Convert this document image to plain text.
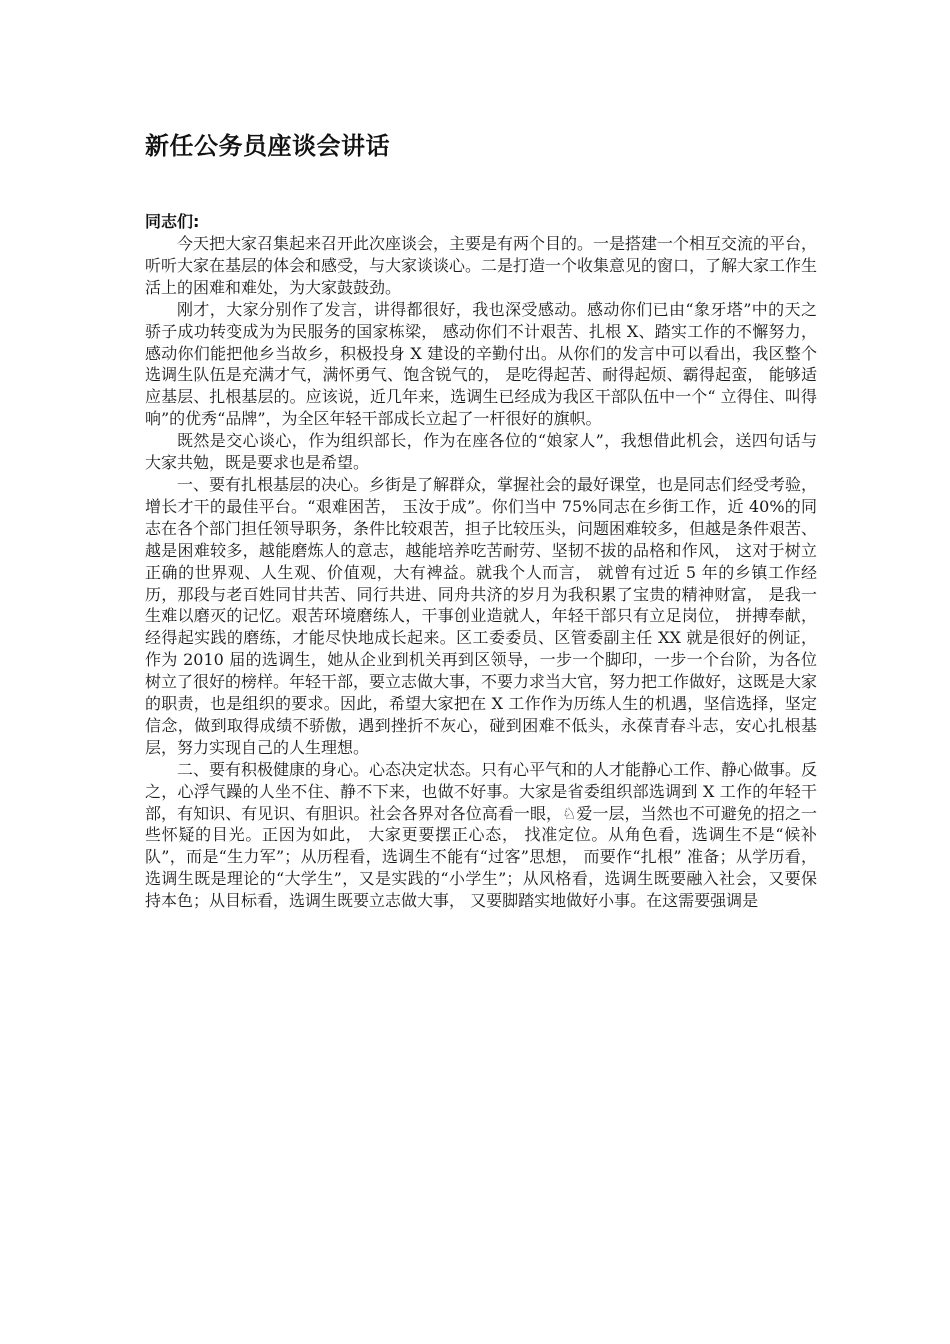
新任公务员座谈会讲话
同志们:

今天把大家召集起来召开此次座谈会，主要是有两个目的。一是搭建一个相互交流的平台， 听听大家在基层的体会和感受，与大家谈谈心。二是打造一个收集意见的窗口，了解大家工作生活上的困难和难处，为大家鼓鼓劲。

刚才，大家分别作了发言，讲得都很好，我也深受感动。感动你们已由“象牙塔”中的天之骄子成功转变成为为民服务的国家栋梁， 感动你们不计艰苦、扎根 X、踏实工作的不懈努力，感动你们能把他乡当故乡，积极投身 X 建设的辛勤付出。从你们的发言中可以看出，我区整个选调生队伍是充满才气，满怀勇气、饱含锐气的， 是吃得起苦、耐得起烦、霸得起蛮， 能够适应基层、扎根基层的。应该说，近几年来，选调生已经成为我区干部队伍中一个“ 立得住、叫得响”的优秀“品牌”，为全区年轻干部成长立起了一杆很好的旗帜。

既然是交心谈心，作为组织部长，作为在座各位的“娘家人”，我想借此机会，送四句话与大家共勉，既是要求也是希望。

一、要有扎根基层的决心。乡街是了解群众，掌握社会的最好课堂，也是同志们经受考验， 增长才干的最佳平台。“艰难困苦， 玉汝于成”。你们当中 75%同志在乡街工作，近 40%的同志在各个部门担任领导职务，条件比较艰苦，担子比较压头，问题困难较多，但越是条件艰苦、越是困难较多，越能磨炼人的意志，越能培养吃苦耐劳、坚韧不拔的品格和作风， 这对于树立正确的世界观、人生观、价值观，大有裨益。就我个人而言， 就曾有过近 5 年的乡镇工作经历，那段与老百姓同甘共苦、同行共进、同舟共济的岁月为我积累了宝贵的精神财富， 是我一生难以磨灭的记忆。艰苦环境磨练人，干事创业造就人，年轻干部只有立足岗位， 拼搏奉献，经得起实践的磨练，才能尽快地成长起来。区工委委员、区管委副主任 XX 就是很好的例证，作为 2010 届的选调生，她从企业到机关再到区领导，一步一个脚印，一步一个台阶，为各位树立了很好的榜样。年轻干部，要立志做大事，不要力求当大官，努力把工作做好，这既是大家的职责，也是组织的要求。因此，希望大家把在 X 工作作为历练人生的机遇，坚信选择，坚定信念，做到取得成绩不骄傲，遇到挫折不灰心，碰到困难不低头，永葆青春斗志，安心扎根基层，努力实现自己的人生理想。

二、要有积极健康的身心。心态决定状态。只有心平气和的人才能静心工作、静心做事。反之，心浮气躁的人坐不住、静不下来，也做不好事。大家是省委组织部选调到 X 工作的年轻干部，有知识、有见识、有胆识。社会各界对各位高看一眼，♘爱一层，当然也不可避免的招之一些怀疑的目光。正因为如此， 大家更要摆正心态， 找准定位。从角色看，选调生不是“候补队”，而是“生力军”；从历程看，选调生不能有“过客”思想， 而要作“扎根” 准备；从学历看，选调生既是理论的“大学生”，又是实践的“小学生”；从风格看，选调生既要融入社会，又要保持本色；从目标看，选调生既要立志做大事， 又要脚踏实地做好小事。在这需要强调是
